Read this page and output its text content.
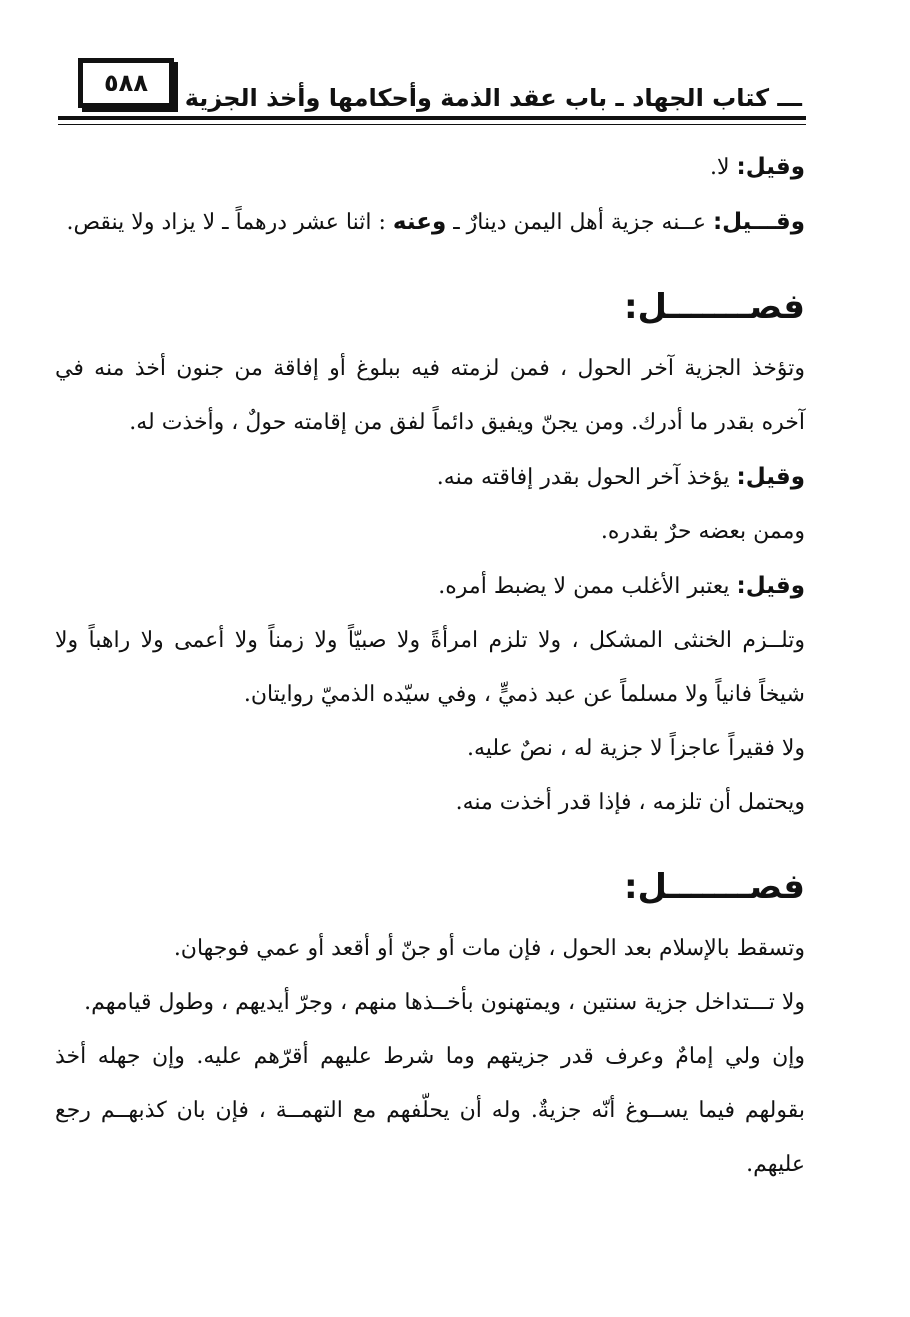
٥٨٨
ـــ كتاب الجهاد ـ باب عقد الذمة وأحكامها وأخذ الجزية ـــ

وقيل: لا.

وقـــيل: عــنه جزية أهل اليمن دينارٌ ـ وعنه : اثنا عشر درهماً ـ لا يزاد ولا ينقص.

فصـــــــل:

وتؤخذ الجزية آخر الحول ، فمن لزمته فيه ببلوغ أو إفاقة من جنون أخذ منه في آخره بقدر ما أدرك. ومن يجنّ ويفيق دائماً لفق من إقامته حولٌ ، وأخذت له.

وقيل: يؤخذ آخر الحول بقدر إفاقته منه.

وممن بعضه حرٌ بقدره.

وقيل: يعتبر الأغلب ممن لا يضبط أمره.

وتلــزم الخنثى المشكل ، ولا تلزم امرأةً ولا صبيّاً ولا زمناً ولا أعمى ولا راهباً ولا شيخاً فانياً ولا مسلماً عن عبد ذميٍّ ، وفي سيّده الذميّ روايتان.

ولا فقيراً عاجزاً لا جزية له ، نصٌ عليه.

ويحتمل أن تلزمه ، فإذا قدر أخذت منه.

فصـــــــل:

وتسقط بالإسلام بعد الحول ، فإن مات أو جنّ أو أقعد أو عمي فوجهان.

ولا تـــتداخل جزية سنتين ، ويمتهنون بأخــذها منهم ، وجرّ أيديهم ، وطول قيامهم.

وإن ولي إمامٌ وعرف قدر جزيتهم وما شرط عليهم أقرّهم عليه. وإن جهله أخذ بقولهم فيما يســوغ أنّه جزيةٌ. وله أن يحلّفهم مع التهمــة ، فإن بان كذبهــم رجع عليهم.
